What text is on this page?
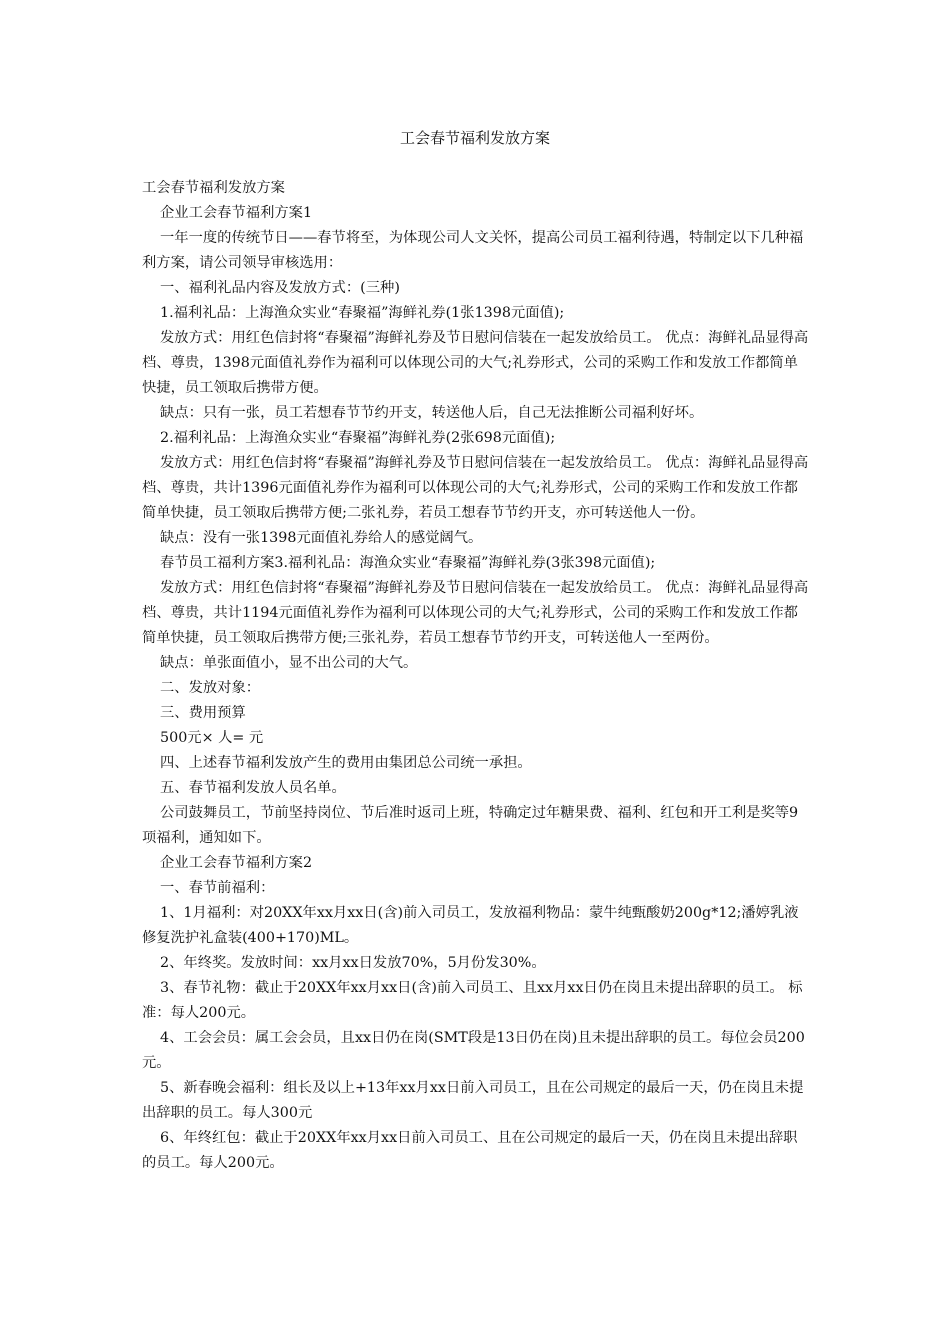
工会春节福利发放方案

工会春节福利发放方案

企业工会春节福利方案1

一年一度的传统节日——春节将至，为体现公司人文关怀，提高公司员工福利待遇，特制定以下几种福利方案，请公司领导审核选用：

一、福利礼品内容及发放方式：(三种)

1.福利礼品：上海渔众实业“春聚福”海鲜礼券(1张1398元面值);

发放方式：用红色信封将“春聚福”海鲜礼券及节日慰问信装在一起发放给员工。 优点：海鲜礼品显得高档、尊贵，1398元面值礼券作为福利可以体现公司的大气;礼券形式，公司的采购工作和发放工作都简单快捷，员工领取后携带方便。

缺点：只有一张，员工若想春节节约开支，转送他人后，自己无法推断公司福利好坏。

2.福利礼品：上海渔众实业“春聚福”海鲜礼券(2张698元面值);

发放方式：用红色信封将“春聚福”海鲜礼券及节日慰问信装在一起发放给员工。 优点：海鲜礼品显得高档、尊贵，共计1396元面值礼券作为福利可以体现公司的大气;礼券形式，公司的采购工作和发放工作都简单快捷，员工领取后携带方便;二张礼券，若员工想春节节约开支，亦可转送他人一份。

缺点：没有一张1398元面值礼券给人的感觉阔气。

春节员工福利方案3.福利礼品：海渔众实业“春聚福”海鲜礼券(3张398元面值);

发放方式：用红色信封将“春聚福”海鲜礼券及节日慰问信装在一起发放给员工。 优点：海鲜礼品显得高档、尊贵，共计1194元面值礼券作为福利可以体现公司的大气;礼券形式，公司的采购工作和发放工作都简单快捷，员工领取后携带方便;三张礼券，若员工想春节节约开支，可转送他人一至两份。

缺点：单张面值小，显不出公司的大气。

二、发放对象：

三、费用预算

500元× 人= 元

四、上述春节福利发放产生的费用由集团总公司统一承担。

五、春节福利发放人员名单。

公司鼓舞员工，节前坚持岗位、节后准时返司上班，特确定过年糖果费、福利、红包和开工利是奖等9项福利，通知如下。

企业工会春节福利方案2

一、春节前福利：

1、1月福利：对20XX年xx月xx日(含)前入司员工，发放福利物品：蒙牛纯甄酸奶200g*12;潘婷乳液修复洗护礼盒装(400+170)ML。

2、年终奖。发放时间：xx月xx日发放70%，5月份发30%。

3、春节礼物：截止于20XX年xx月xx日(含)前入司员工、且xx月xx日仍在岗且未提出辞职的员工。 标准：每人200元。

4、工会会员：属工会会员，且xx日仍在岗(SMT段是13日仍在岗)且未提出辞职的员工。每位会员200元。

5、新春晚会福利：组长及以上+13年xx月xx日前入司员工，且在公司规定的最后一天，仍在岗且未提出辞职的员工。每人300元

6、年终红包：截止于20XX年xx月xx日前入司员工、且在公司规定的最后一天，仍在岗且未提出辞职的员工。每人200元。
